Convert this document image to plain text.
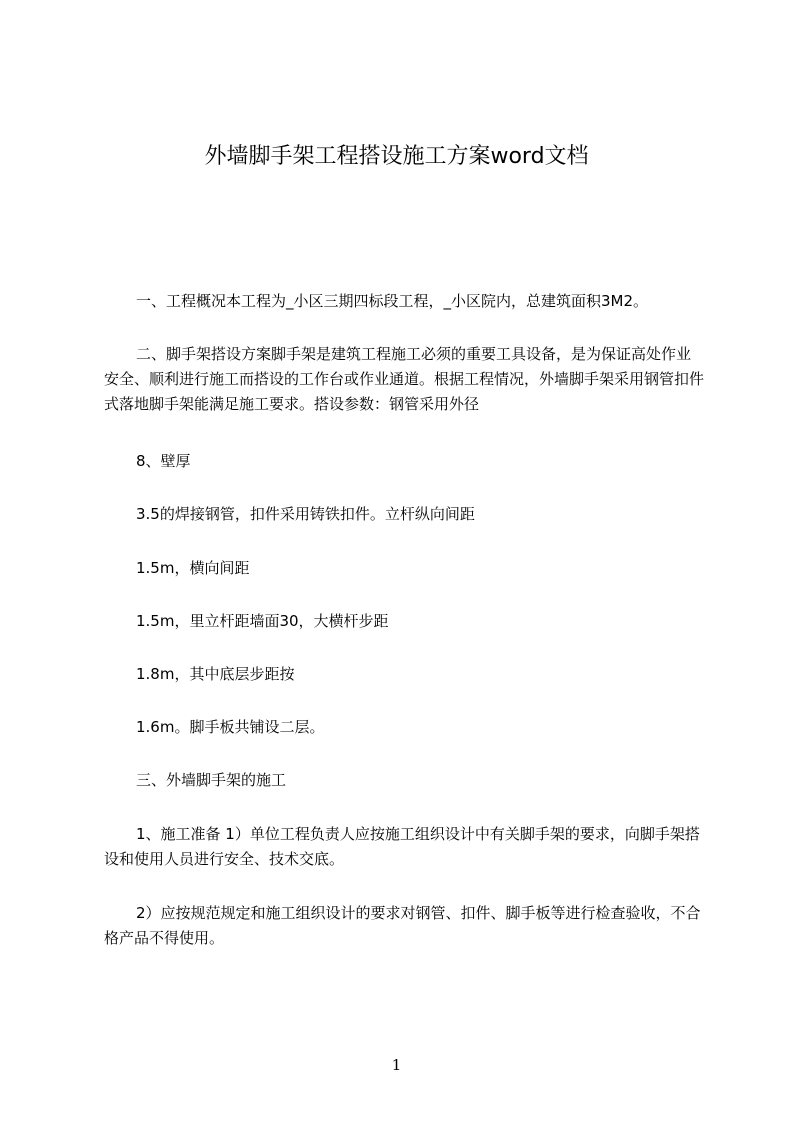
外墙脚手架工程搭设施工方案word文档

一、工程概况本工程为_小区三期四标段工程，_小区院内，总建筑面积3M2。

二、脚手架搭设方案脚手架是建筑工程施工必须的重要工具设备，是为保证高处作业安全、顺利进行施工而搭设的工作台或作业通道。根据工程情况，外墙脚手架采用钢管扣件式落地脚手架能满足施工要求。搭设参数：钢管采用外径

8、壁厚

3.5的焊接钢管，扣件采用铸铁扣件。立杆纵向间距

1.5m，横向间距

1.5m，里立杆距墙面30，大横杆步距

1.8m，其中底层步距按

1.6m。脚手板共铺设二层。

三、外墙脚手架的施工

1、施工准备 1）单位工程负责人应按施工组织设计中有关脚手架的要求，向脚手架搭设和使用人员进行安全、技术交底。

2）应按规范规定和施工组织设计的要求对钢管、扣件、脚手板等进行检查验收，不合格产品不得使用。

1
